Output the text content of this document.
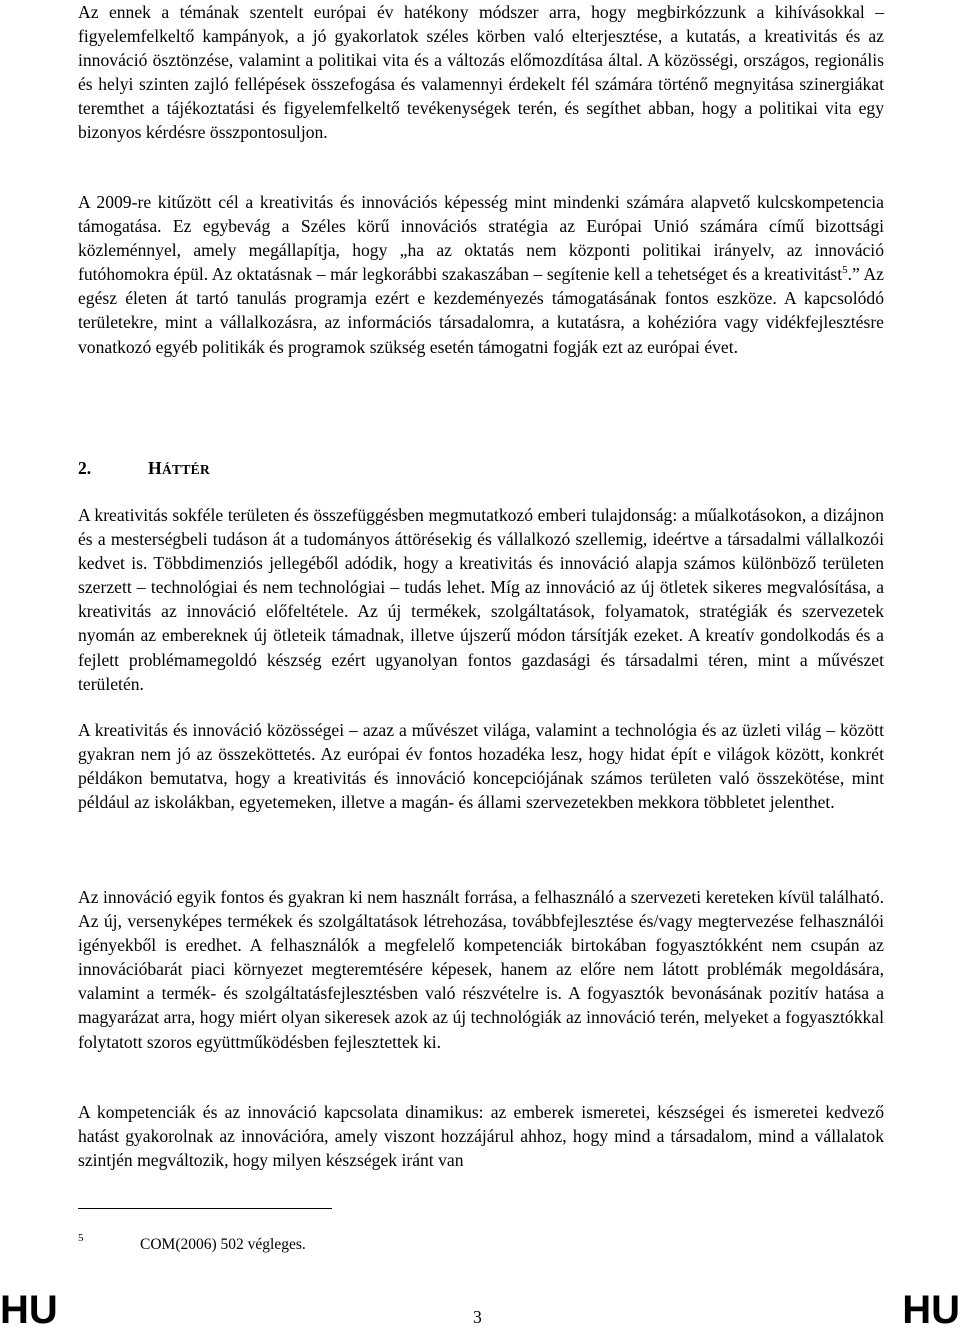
Az ennek a témának szentelt európai év hatékony módszer arra, hogy megbirkózzunk a kihívásokkal – figyelemfelkeltő kampányok, a jó gyakorlatok széles körben való elterjesztése, a kutatás, a kreativitás és az innováció ösztönzése, valamint a politikai vita és a változás előmozdítása által. A közösségi, országos, regionális és helyi szinten zajló fellépések összefogása és valamennyi érdekelt fél számára történő megnyitása szinergiákat teremthet a tájékoztatási és figyelemfelkeltő tevékenységek terén, és segíthet abban, hogy a politikai vita egy bizonyos kérdésre összpontosuljon.

A 2009-re kitűzött cél a kreativitás és innovációs képesség mint mindenki számára alapvető kulcskompetencia támogatása. Ez egybevág a Széles körű innovációs stratégia az Európai Unió számára című bizottsági közleménnyel, amely megállapítja, hogy „ha az oktatás nem központi politikai irányelv, az innováció futóhomokra épül. Az oktatásnak – már legkorábbi szakaszában – segítenie kell a tehetséget és a kreativitást$^5$.” Az egész életen át tartó tanulás programja ezért e kezdeményezés támogatásának fontos eszköze. A kapcsolódó területekre, mint a vállalkozásra, az információs társadalomra, a kutatásra, a kohézióra vagy vidékfejlesztésre vonatkozó egyéb politikák és programok szükség esetén támogatni fogják ezt az európai évet.

2.	HÁTTÉR

A kreativitás sokféle területen és összefüggésben megmutatkozó emberi tulajdonság: a műalkotásokon, a dizájnon és a mesterségbeli tudáson át a tudományos áttörésekig és vállalkozó szellemig, ideértve a társadalmi vállalkozói kedvet is. Többdimenziós jellegéből adódik, hogy a kreativitás és innováció alapja számos különböző területen szerzett – technológiai és nem technológiai – tudás lehet. Míg az innováció az új ötletek sikeres megvalósítása, a kreativitás az innováció előfeltétele. Az új termékek, szolgáltatások, folyamatok, stratégiák és szervezetek nyomán az embereknek új ötleteik támadnak, illetve újszerű módon társítják ezeket. A kreatív gondolkodás és a fejlett problémamegoldó készség ezért ugyanolyan fontos gazdasági és társadalmi téren, mint a művészet területén.

A kreativitás és innováció közösségei – azaz a művészet világa, valamint a technológia és az üzleti világ – között gyakran nem jó az összeköttetés. Az európai év fontos hozadéka lesz, hogy hidat épít e világok között, konkrét példákon bemutatva, hogy a kreativitás és innováció koncepciójának számos területen való összekötése, mint például az iskolákban, egyetemeken, illetve a magán- és állami szervezetekben mekkora többletet jelenthet.

Az innováció egyik fontos és gyakran ki nem használt forrása, a felhasználó a szervezeti kereteken kívül található. Az új, versenyképes termékek és szolgáltatások létrehozása, továbbfejlesztése és/vagy megtervezése felhasználói igényekből is eredhet. A felhasználók a megfelelő kompetenciák birtokában fogyasztókként nem csupán az innovációbarát piaci környezet megteremtésére képesek, hanem az előre nem látott problémák megoldására, valamint a termék- és szolgáltatásfejlesztésben való részvételre is. A fogyasztók bevonásának pozitív hatása a magyarázat arra, hogy miért olyan sikeresek azok az új technológiák az innováció terén, melyeket a fogyasztókkal folytatott szoros együttműködésben fejlesztettek ki.

A kompetenciák és az innováció kapcsolata dinamikus: az emberek ismeretei, készségei és ismeretei kedvező hatást gyakorolnak az innovációra, amely viszont hozzájárul ahhoz, hogy mind a társadalom, mind a vállalatok szintjén megváltozik, hogy milyen készségek iránt van

5	COM(2006) 502 végleges.
HU	3	HU
